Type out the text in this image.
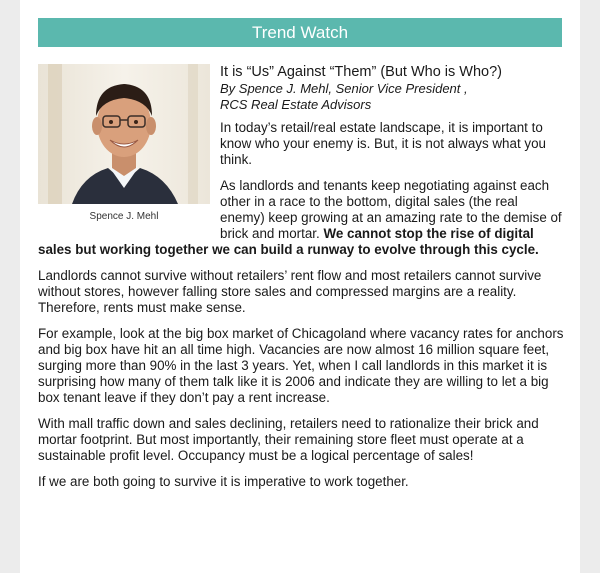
Trend Watch
Spence J. Mehl
It is “Us” Against “Them” (But Who is Who?)
By Spence J. Mehl, Senior Vice President ,
RCS Real Estate Advisors

In today’s retail/real estate landscape, it is important to know who your enemy is. But, it is not always what you think.

As landlords and tenants keep negotiating against each other in a race to the bottom, digital sales (the real enemy) keep growing at an amazing rate to the demise of brick and mortar. We cannot stop the rise of digital sales but working together we can build a runway to evolve through this cycle.

Landlords cannot survive without retailers’ rent flow and most retailers cannot survive without stores, however falling store sales and compressed margins are a reality. Therefore, rents must make sense.

For example, look at the big box market of Chicagoland where vacancy rates for anchors and big box have hit an all time high. Vacancies are now almost 16 million square feet, surging more than 90% in the last 3 years. Yet, when I call landlords in this market it is surprising how many of them talk like it is 2006 and indicate they are willing to let a big box tenant leave if they don’t pay a rent increase.

With mall traffic down and sales declining, retailers need to rationalize their brick and mortar footprint. But most importantly, their remaining store fleet must operate at a sustainable profit level. Occupancy must be a logical percentage of sales!

If we are both going to survive it is imperative to work together.
